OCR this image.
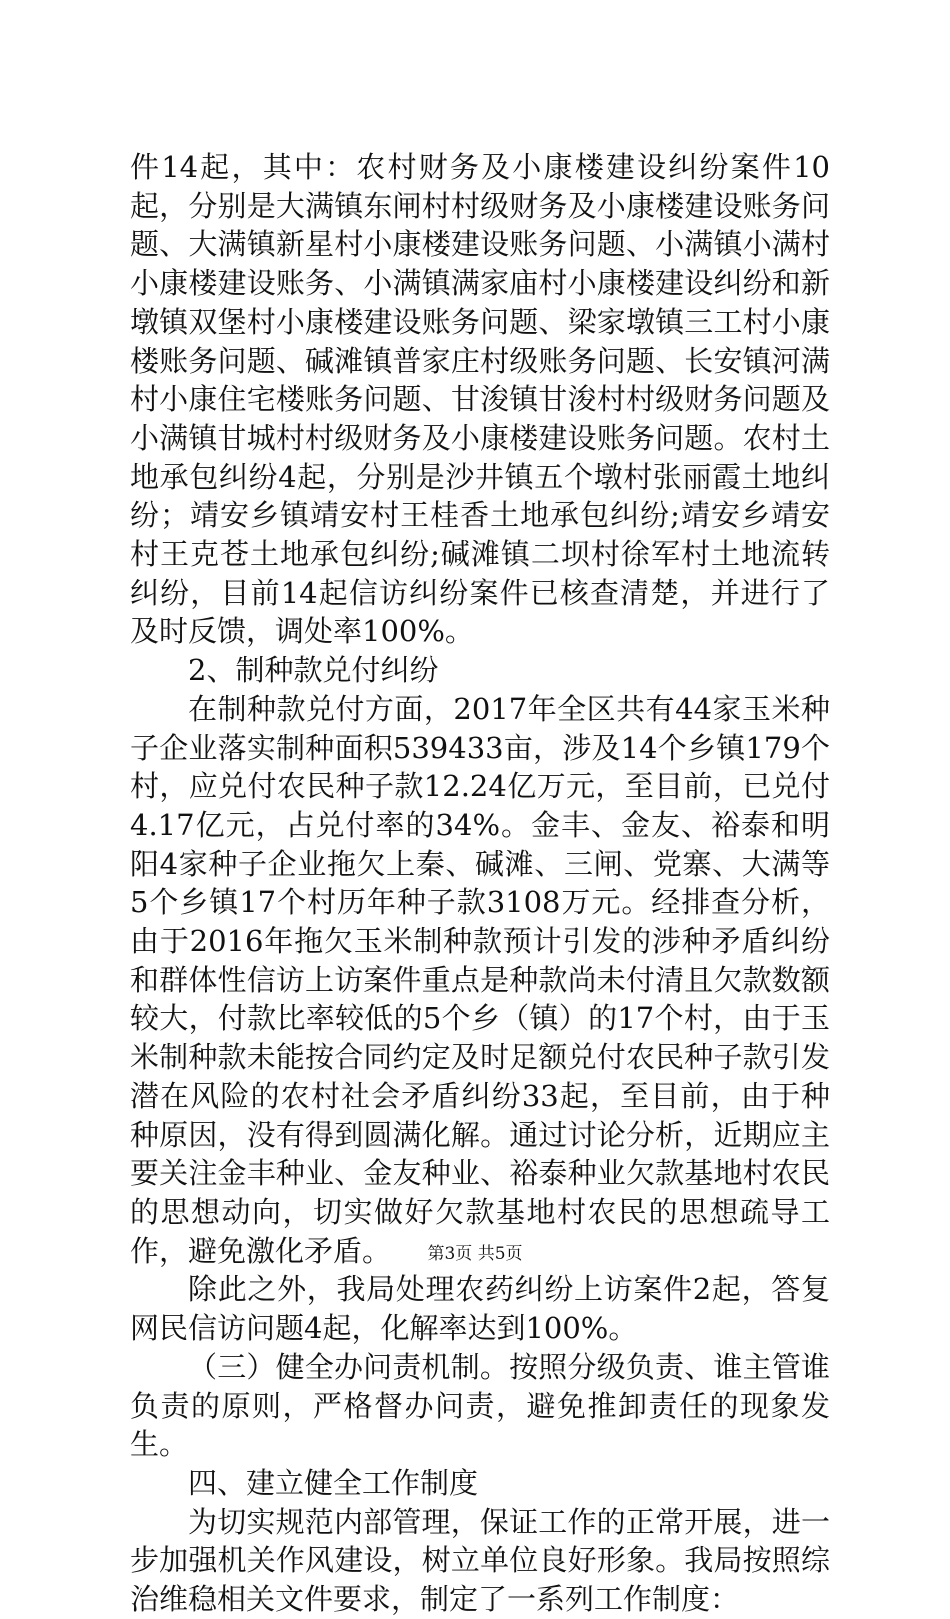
件14起，其中：农村财务及小康楼建设纠纷案件10起，分别是大满镇东闸村村级财务及小康楼建设账务问题、大满镇新星村小康楼建设账务问题、小满镇小满村小康楼建设账务、小满镇满家庙村小康楼建设纠纷和新墩镇双堡村小康楼建设账务问题、梁家墩镇三工村小康楼账务问题、碱滩镇普家庄村级账务问题、长安镇河满村小康住宅楼账务问题、甘浚镇甘浚村村级财务问题及小满镇甘城村村级财务及小康楼建设账务问题。农村土地承包纠纷4起，分别是沙井镇五个墩村张丽霞土地纠纷；靖安乡镇靖安村王桂香土地承包纠纷;靖安乡靖安村王克苍土地承包纠纷;碱滩镇二坝村徐军村土地流转纠纷，目前14起信访纠纷案件已核查清楚，并进行了及时反馈，调处率100%。

2、制种款兑付纠纷

在制种款兑付方面，2017年全区共有44家玉米种子企业落实制种面积539433亩，涉及14个乡镇179个村，应兑付农民种子款12.24亿万元，至目前，已兑付4.17亿元，占兑付率的34%。金丰、金友、裕泰和明阳4家种子企业拖欠上秦、碱滩、三闸、党寨、大满等5个乡镇17个村历年种子款3108万元。经排查分析，由于2016年拖欠玉米制种款预计引发的涉种矛盾纠纷和群体性信访上访案件重点是种款尚未付清且欠款数额较大，付款比率较低的5个乡（镇）的17个村，由于玉米制种款未能按合同约定及时足额兑付农民种子款引发潜在风险的农村社会矛盾纠纷33起，至目前，由于种种原因，没有得到圆满化解。通过讨论分析，近期应主要关注金丰种业、金友种业、裕泰种业欠款基地村农民的思想动向，切实做好欠款基地村农民的思想疏导工作，避免激化矛盾。

除此之外，我局处理农药纠纷上访案件2起，答复网民信访问题4起，化解率达到100%。

（三）健全办问责机制。按照分级负责、谁主管谁负责的原则，严格督办问责，避免推卸责任的现象发生。

四、建立健全工作制度

为切实规范内部管理，保证工作的正常开展，进一步加强机关作风建设，树立单位良好形象。我局按照综治维稳相关文件要求，制定了一系列工作制度：

第3页 共5页
